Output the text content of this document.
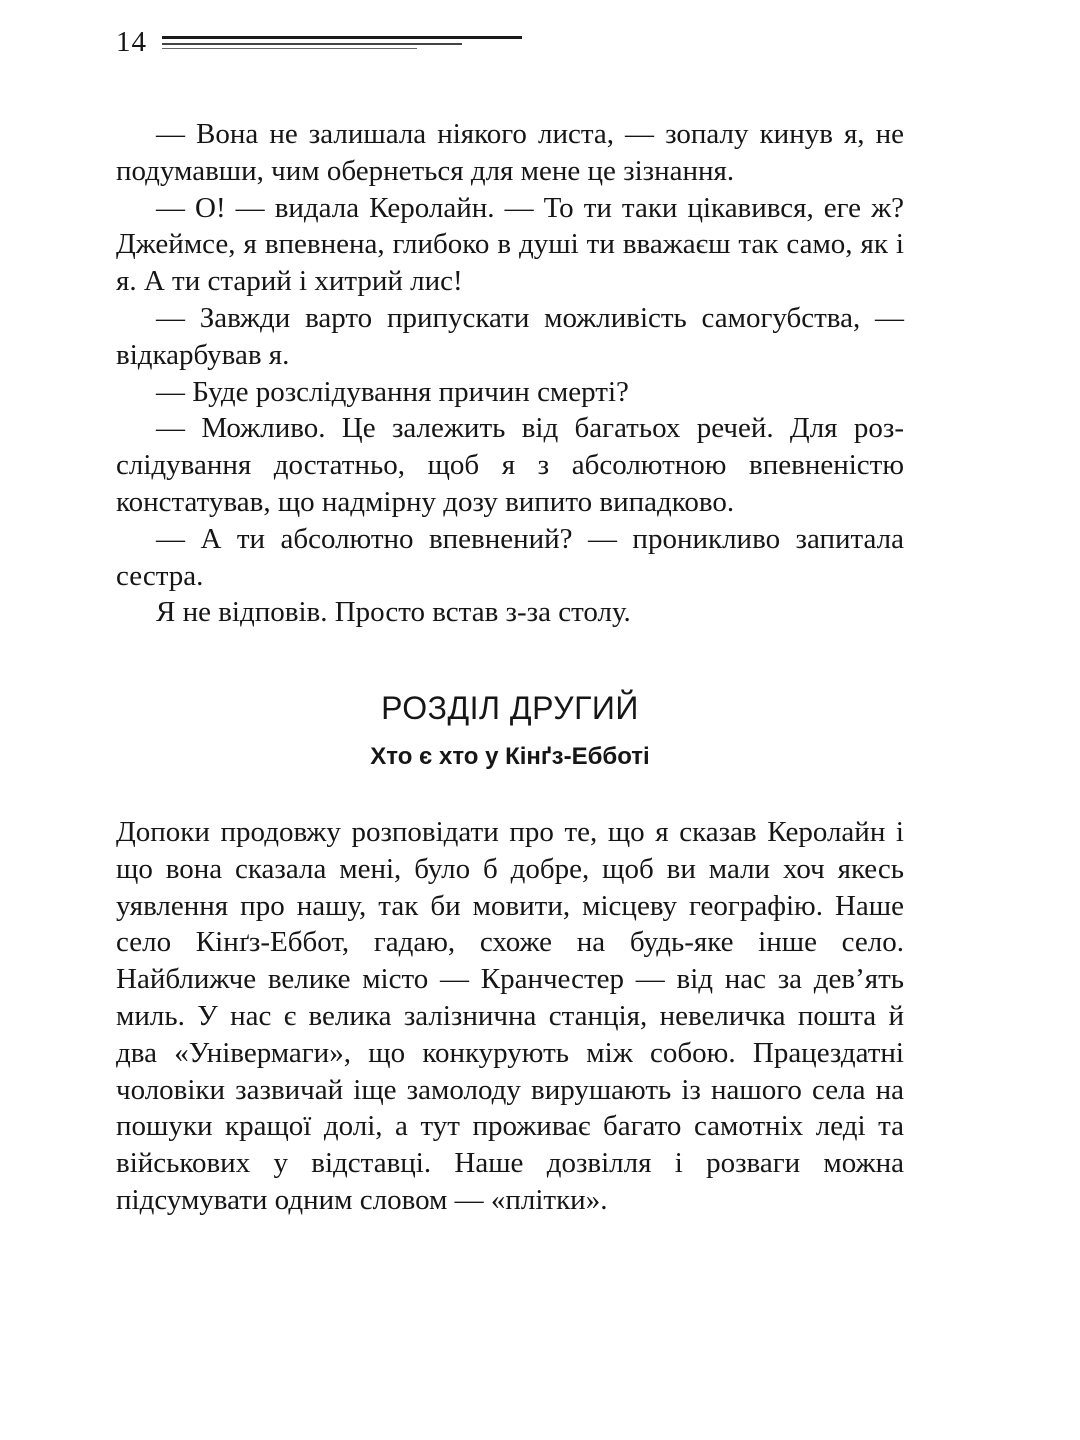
14

— Вона не залишала ніякого листа, — зопалу кинув я, не подумавши, чим обернеться для мене це зізнання.

— О! — видала Керолайн. — То ти таки цікавився, еге ж? Джеймсе, я впевнена, глибоко в душі ти вважаєш так само, як і я. А ти старий і хитрий лис!

— Завжди варто припускати можливість самогубства, — відкарбував я.

— Буде розслідування причин смерті?

— Можливо. Це залежить від багатьох речей. Для розслідування достатньо, щоб я з абсолютною впевненістю констатував, що надмірну дозу випито випадково.

— А ти абсолютно впевнений? — проникливо запитала сестра.

Я не відповів. Просто встав з-за столу.

РОЗДІЛ ДРУГИЙ
Хто є хто у Кінґз-Ебботі

Допоки продовжу розповідати про те, що я сказав Керолайн і що вона сказала мені, було б добре, щоб ви мали хоч якесь уявлення про нашу, так би мовити, місцеву географію. Наше село Кінґз-Еббот, гадаю, схоже на будь-яке інше село. Найближче велике місто — Кранчестер — від нас за дев’ять миль. У нас є велика залізнична станція, невеличка пошта й два «Універмаги», що конкурують між собою. Працездатні чоловіки зазвичай іще замолоду вирушають із нашого села на пошуки кращої долі, а тут проживає багато самотніх леді та військових у відставці. Наше дозвілля і розваги можна підсумувати одним словом — «плітки».
